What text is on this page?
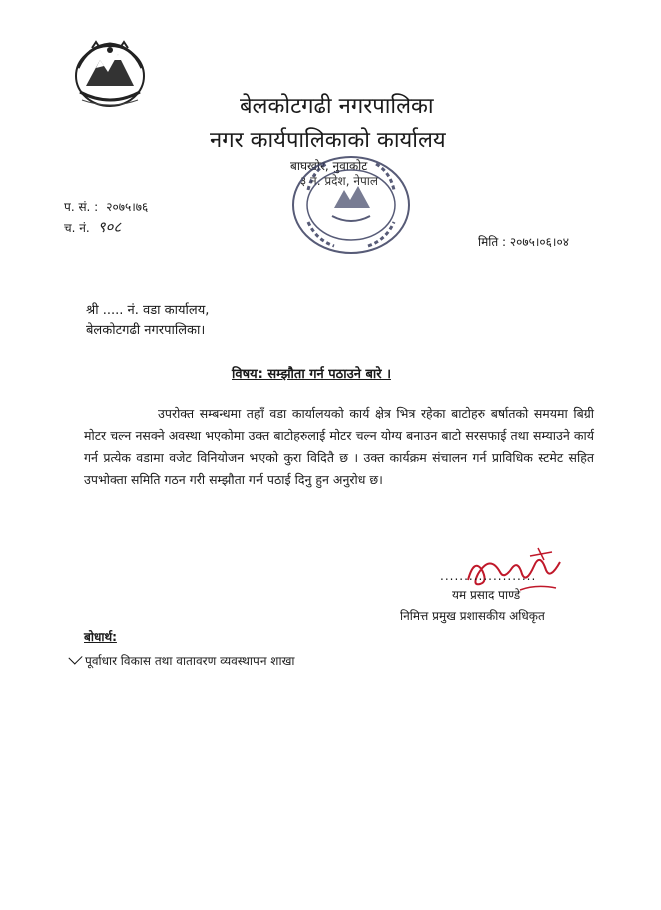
बेलकोटगढी नगरपालिका
नगर कार्यपालिकाको कार्यालय
बाघखोर, नुवाकोट
३ नं. प्रदेश, नेपाल
प. सं. : २०७५।७६
च. नं. ९०८
मिति : २०७५।०६।०४
श्री ..... नं. वडा कार्यालय,
बेलकोटगढी नगरपालिका।
विषय: सम्झौता गर्न पठाउने बारे ।
उपरोक्त सम्बन्धमा तहाँ वडा कार्यालयको कार्य क्षेत्र भित्र रहेका बाटोहरु बर्षातको समयमा बिग्री मोटर चल्न नसक्ने अवस्था भएकोमा उक्त बाटोहरुलाई मोटर चल्न योग्य बनाउन बाटो सरसफाई तथा सम्याउने कार्य गर्न प्रत्येक वडामा वजेट विनियोजन भएको कुरा विदितै छ । उक्त कार्यक्रम संचालन गर्न प्राविधिक स्टमेट सहित उपभोक्ता समिति गठन गरी सम्झौता गर्न पठाई दिनु हुन अनुरोध छ।
....................
यम प्रसाद पाण्डे
निमित्त प्रमुख प्रशासकीय अधिकृत
बोधार्थ:
पूर्वाधार विकास तथा वातावरण व्यवस्थापन शाखा
